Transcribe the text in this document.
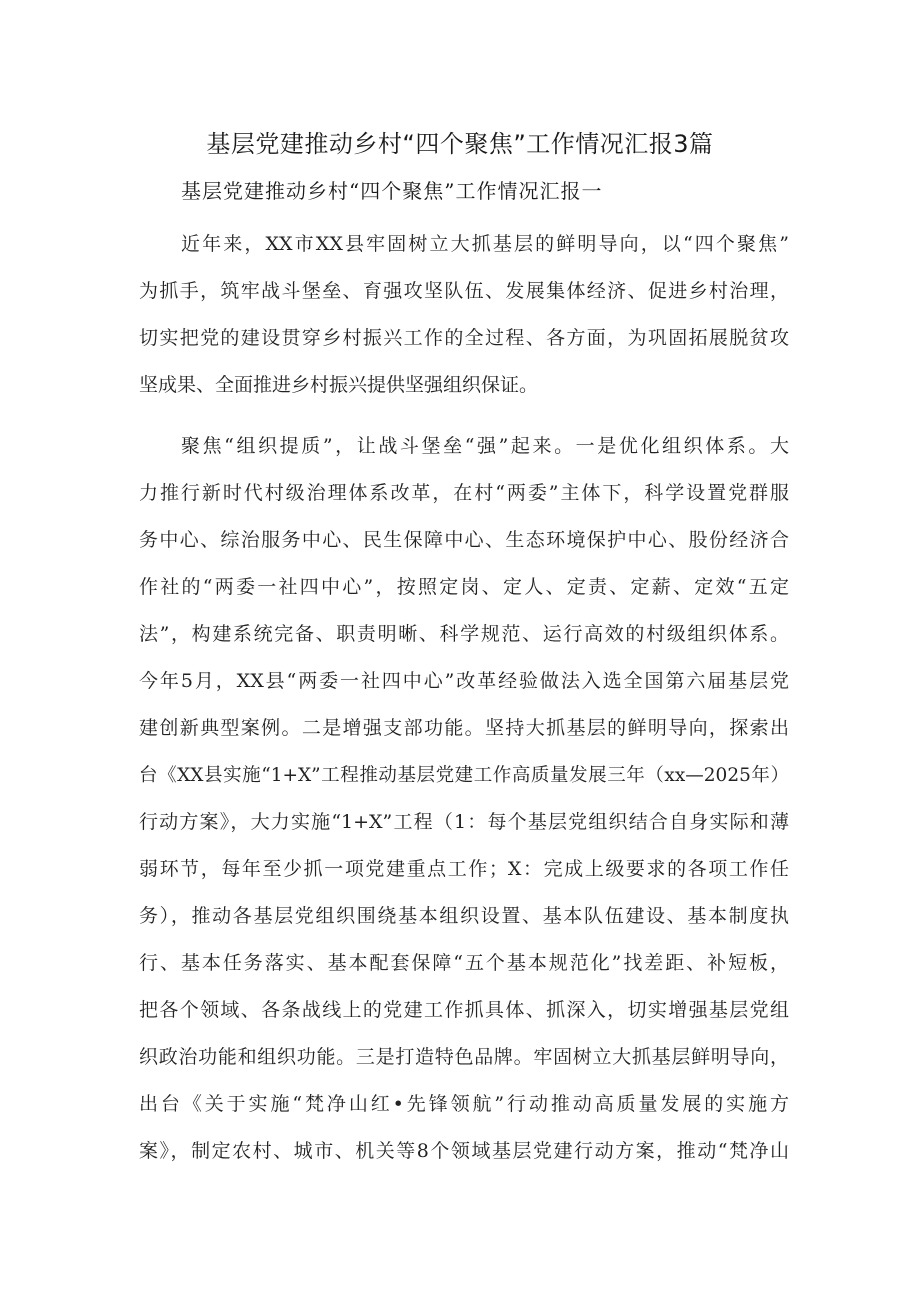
基层党建推动乡村“四个聚焦”工作情况汇报3篇
基层党建推动乡村“四个聚焦”工作情况汇报一
近年来，XX市XX县牢固树立大抓基层的鲜明导向，以“四个聚焦”
为抓手，筑牢战斗堡垒、育强攻坚队伍、发展集体经济、促进乡村治理，
切实把党的建设贯穿乡村振兴工作的全过程、各方面，为巩固拓展脱贫攻
坚成果、全面推进乡村振兴提供坚强组织保证。
聚焦“组织提质”，让战斗堡垒“强”起来。一是优化组织体系。大
力推行新时代村级治理体系改革，在村“两委”主体下，科学设置党群服
务中心、综治服务中心、民生保障中心、生态环境保护中心、股份经济合
作社的“两委一社四中心”，按照定岗、定人、定责、定薪、定效“五定
法”，构建系统完备、职责明晰、科学规范、运行高效的村级组织体系。
今年5月，XX县“两委一社四中心”改革经验做法入选全国第六届基层党
建创新典型案例。二是增强支部功能。坚持大抓基层的鲜明导向，探索出
台《XX县实施“1+X”工程推动基层党建工作高质量发展三年（xx—2025年）
行动方案》，大力实施“1+X”工程（1：每个基层党组织结合自身实际和薄
弱环节，每年至少抓一项党建重点工作；X：完成上级要求的各项工作任
务），推动各基层党组织围绕基本组织设置、基本队伍建设、基本制度执
行、基本任务落实、基本配套保障“五个基本规范化”找差距、补短板，
把各个领域、各条战线上的党建工作抓具体、抓深入，切实增强基层党组
织政治功能和组织功能。三是打造特色品牌。牢固树立大抓基层鲜明导向，
出台《关于实施“梵净山红•先锋领航”行动推动高质量发展的实施方
案》，制定农村、城市、机关等8个领域基层党建行动方案，推动“梵净山
